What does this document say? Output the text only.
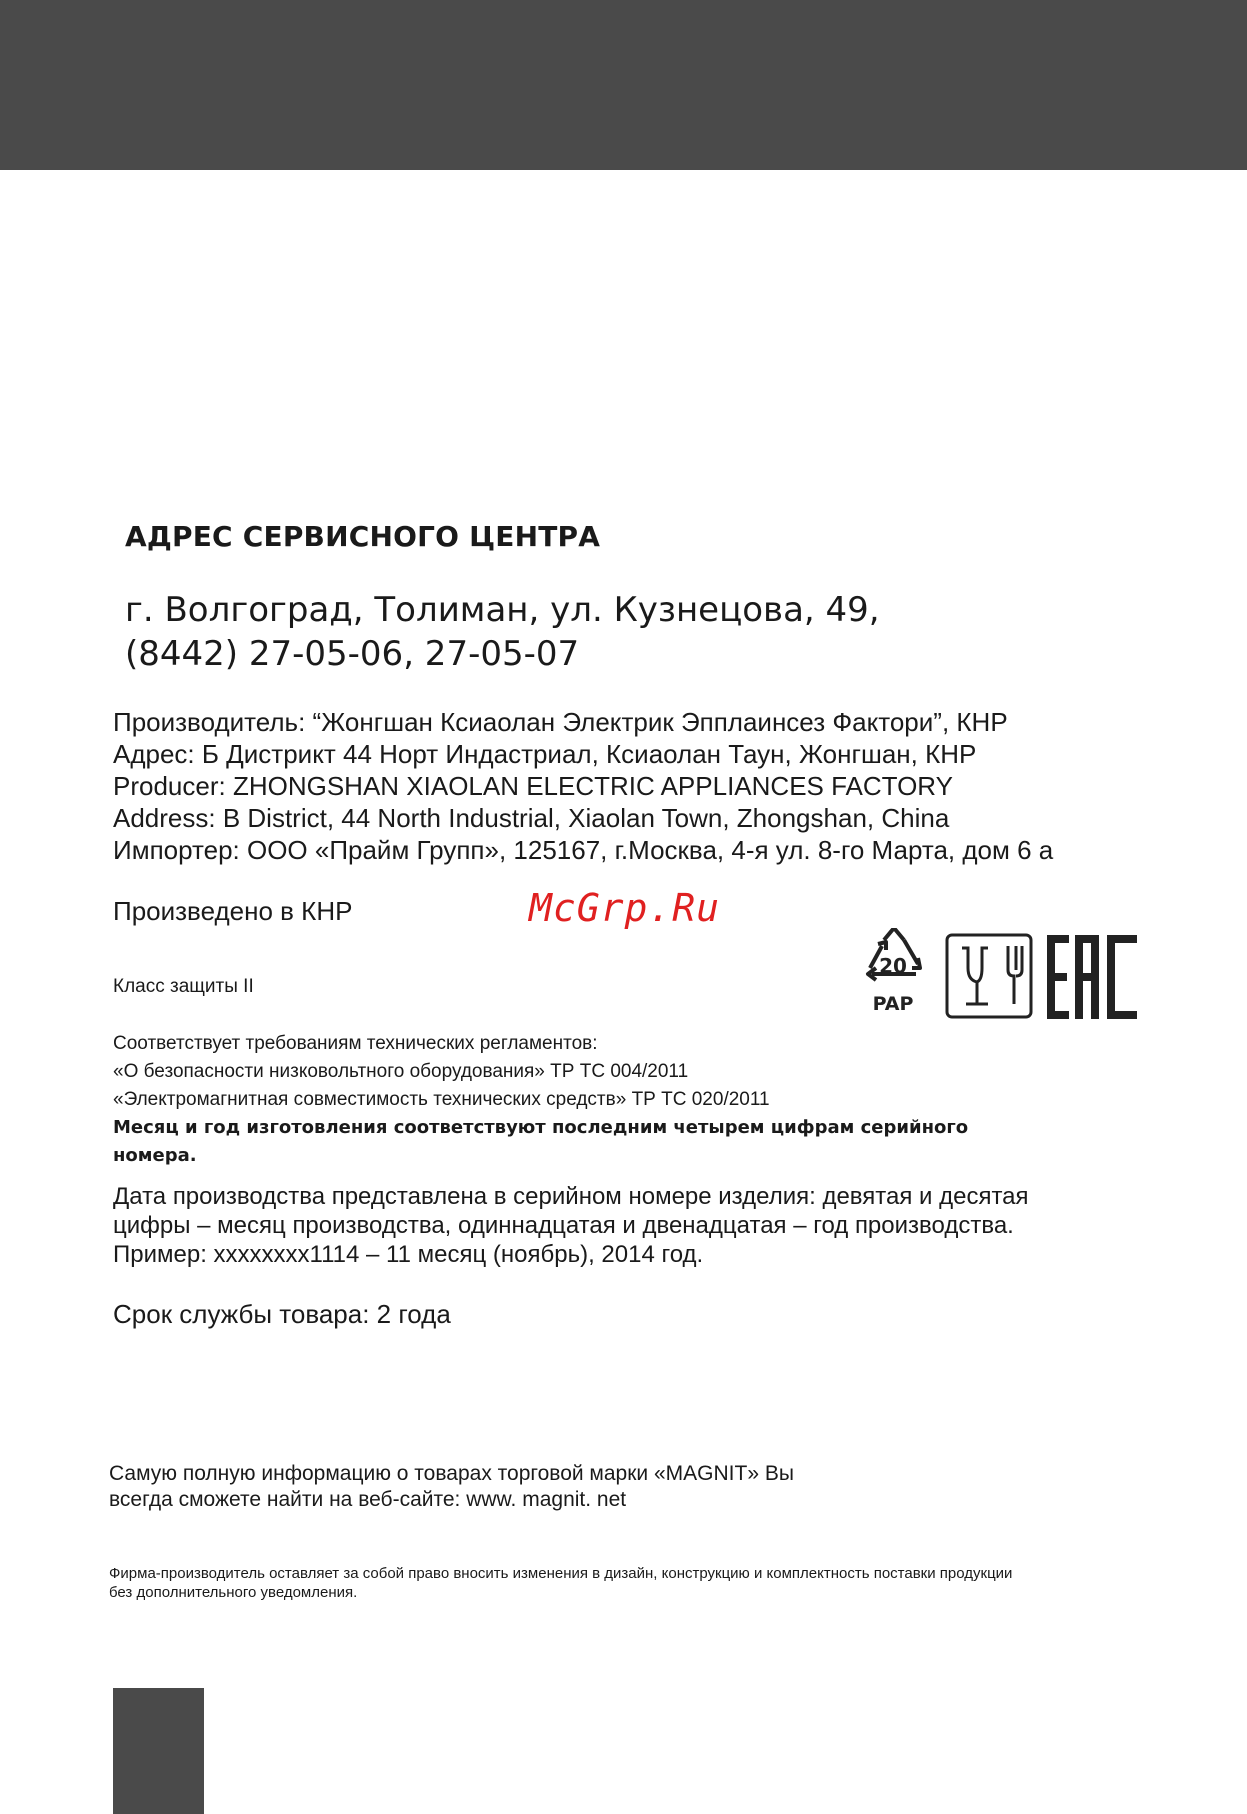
АДРЕС СЕРВИСНОГО ЦЕНТРА
г. Волгоград, Толиман, ул. Кузнецова, 49,
(8442) 27-05-06, 27-05-07
Производитель: “Жонгшан Ксиаолан Электрик Эпплаинсез Фактори”, КНР
Адрес: Б Дистрикт 44 Норт Индастриал, Ксиаолан Таун, Жонгшан, КНР
Producer: ZHONGSHAN XIAOLAN ELECTRIC APPLIANCES FACTORY
Address: B District, 44 North Industrial, Xiaolan Town, Zhongshan, China
Импортер: ООО «Прайм Групп», 125167, г.Москва, 4-я ул. 8-го Марта, дом 6 а
Произведено в КНР	McGrp.Ru
Класс защиты II
20
PAP
Соответствует требованиям технических регламентов:
«О безопасности низковольтного оборудования» ТР ТС 004/2011
«Электромагнитная совместимость технических средств» ТР ТС 020/2011
Месяц и год изготовления соответствуют последним четырем цифрам серийного
номера.
Дата производства представлена в серийном номере изделия: девятая и десятая
цифры – месяц производства, одиннадцатая и двенадцатая – год производства.
Пример: xxxxxxxx1114 – 11 месяц (ноябрь), 2014 год.
Срок службы товара: 2 года
Самую полную информацию о товарах торговой марки «MAGNIT» Вы
всегда сможете найти на веб-сайте: www. magnit. net
Фирма-производитель оставляет за собой право вносить изменения в дизайн, конструкцию и комплектность поставки продукции
без дополнительного уведомления.
